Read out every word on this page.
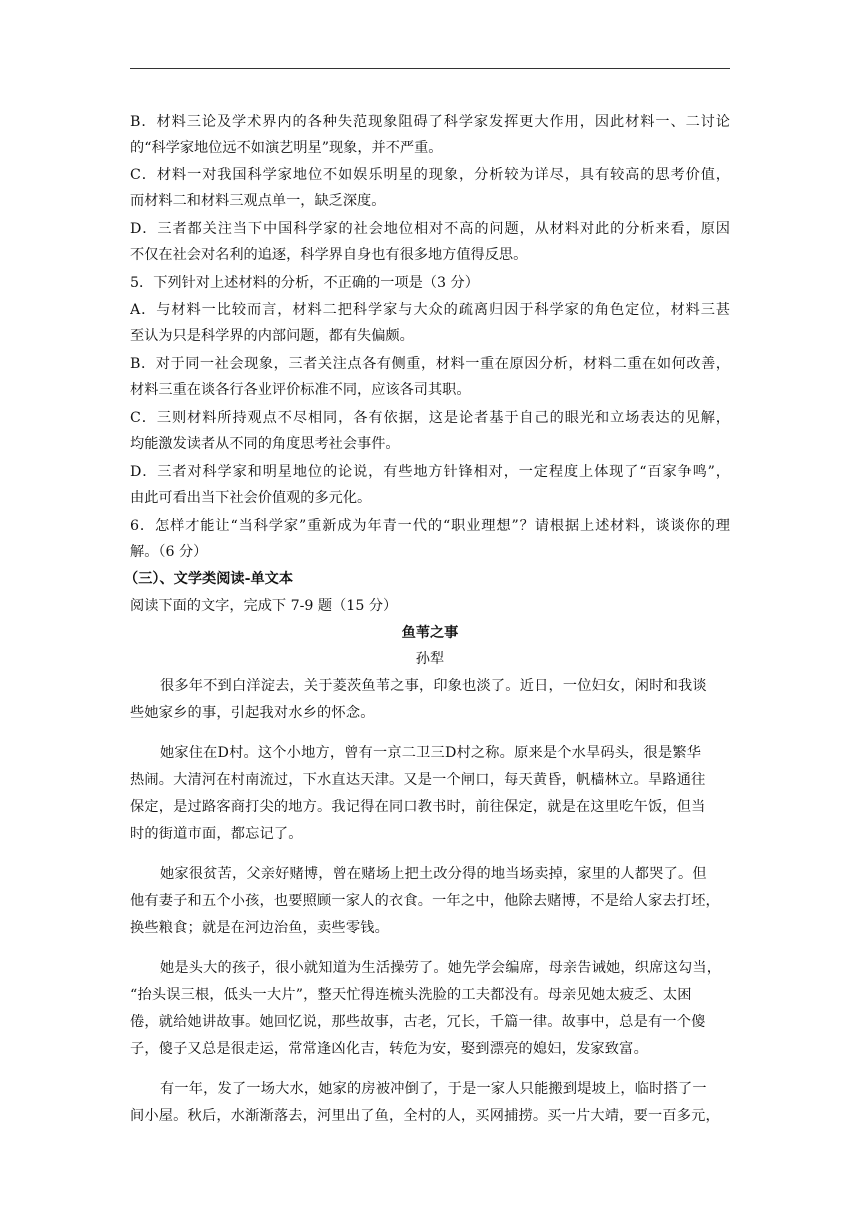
B．材料三论及学术界内的各种失范现象阻碍了科学家发挥更大作用，因此材料一、二讨论
的“科学家地位远不如演艺明星”现象，并不严重。
C．材料一对我国科学家地位不如娱乐明星的现象，分析较为详尽，具有较高的思考价值，
而材料二和材料三观点单一，缺乏深度。
D．三者都关注当下中国科学家的社会地位相对不高的问题，从材料对此的分析来看，原因
不仅在社会对名利的追逐，科学界自身也有很多地方值得反思。
5．下列针对上述材料的分析，不正确的一项是（3 分）
A．与材料一比较而言，材料二把科学家与大众的疏离归因于科学家的角色定位，材料三甚
至认为只是科学界的内部问题，都有失偏颇。
B．对于同一社会现象，三者关注点各有侧重，材料一重在原因分析，材料二重在如何改善，
材料三重在谈各行各业评价标准不同，应该各司其职。
C．三则材料所持观点不尽相同，各有依据，这是论者基于自己的眼光和立场表达的见解，
均能激发读者从不同的角度思考社会事件。
D．三者对科学家和明星地位的论说，有些地方针锋相对，一定程度上体现了“百家争鸣”，
由此可看出当下社会价值观的多元化。
6．怎样才能让“当科学家”重新成为年青一代的“职业理想”？请根据上述材料，谈谈你的理
解。（6 分）
（三）、文学类阅读-单文本
阅读下面的文字，完成下 7-9 题（15 分）
鱼苇之事
孙犁
很多年不到白洋淀去，关于菱茨鱼苇之事，印象也淡了。近日，一位妇女，闲时和我谈
些她家乡的事，引起我对水乡的怀念。
她家住在D村。这个小地方，曾有一京二卫三D村之称。原来是个水旱码头，很是繁华
热闹。大清河在村南流过，下水直达天津。又是一个闸口，每天黄昏，帆樯林立。旱路通往
保定，是过路客商打尖的地方。我记得在同口教书时，前往保定，就是在这里吃午饭，但当
时的街道市面，都忘记了。
她家很贫苦，父亲好赌博，曾在赌场上把土改分得的地当场卖掉，家里的人都哭了。但
他有妻子和五个小孩，也要照顾一家人的衣食。一年之中，他除去赌博，不是给人家去打坯，
换些粮食；就是在河边治鱼，卖些零钱。
她是头大的孩子，很小就知道为生活操劳了。她先学会编席，母亲告诫她，织席这勾当，
“抬头误三根，低头一大片”，整天忙得连梳头洗脸的工夫都没有。母亲见她太疲乏、太困
倦，就给她讲故事。她回忆说，那些故事，古老，冗长，千篇一律。故事中，总是有一个傻
子，傻子又总是很走运，常常逢凶化吉，转危为安，娶到漂亮的媳妇，发家致富。
有一年，发了一场大水，她家的房被冲倒了，于是一家人只能搬到堤坡上，临时搭了一
间小屋。秋后，水渐渐落去，河里出了鱼，全村的人，买网捕捞。买一片大靖，要一百多元，
